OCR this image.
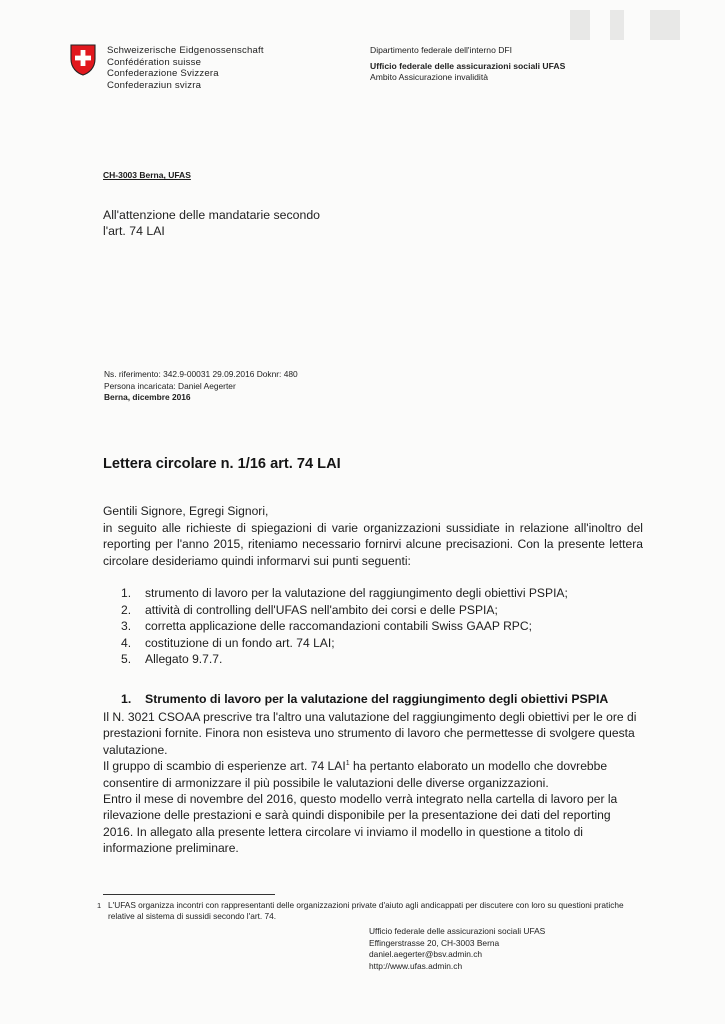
Schweizerische Eidgenossenschaft
Confédération suisse
Confederazione Svizzera
Confederaziun svizra
Dipartimento federale dell'interno DFI
Ufficio federale delle assicurazioni sociali UFAS
Ambito Assicurazione invalidità
CH-3003 Berna, UFAS
All'attenzione delle mandatarie secondo
l'art. 74 LAI
Ns. riferimento: 342.9-00031 29.09.2016 Doknr: 480
Persona incaricata: Daniel Aegerter
Berna, dicembre 2016
Lettera circolare n. 1/16 art. 74 LAI
Gentili Signore, Egregi Signori,
in seguito alle richieste di spiegazioni di varie organizzazioni sussidiate in relazione all'inoltro del reporting per l'anno 2015, riteniamo necessario fornirvi alcune precisazioni. Con la presente lettera circolare desideriamo quindi informarvi sui punti seguenti:
1.	strumento di lavoro per la valutazione del raggiungimento degli obiettivi PSPIA;
2.	attività di controlling dell'UFAS nell'ambito dei corsi e delle PSPIA;
3.	corretta applicazione delle raccomandazioni contabili Swiss GAAP RPC;
4.	costituzione di un fondo art. 74 LAI;
5.	Allegato 9.7.7.
1. Strumento di lavoro per la valutazione del raggiungimento degli obiettivi PSPIA

Il N. 3021 CSOAA prescrive tra l'altro una valutazione del raggiungimento degli obiettivi per le ore di prestazioni fornite. Finora non esisteva uno strumento di lavoro che permettesse di svolgere questa valutazione.

Il gruppo di scambio di esperienze art. 74 LAI$^1$ ha pertanto elaborato un modello che dovrebbe consentire di armonizzare il più possibile le valutazioni delle diverse organizzazioni.

Entro il mese di novembre del 2016, questo modello verrà integrato nella cartella di lavoro per la rilevazione delle prestazioni e sarà quindi disponibile per la presentazione dei dati del reporting 2016. In allegato alla presente lettera circolare vi inviamo il modello in questione a titolo di informazione preliminare.

1 L'UFAS organizza incontri con rappresentanti delle organizzazioni private d'aiuto agli andicappati per discutere con loro su questioni pratiche relative al sistema di sussidi secondo l'art. 74.
Ufficio federale delle assicurazioni sociali UFAS
Effingerstrasse 20, CH-3003 Berna
daniel.aegerter@bsv.admin.ch
http://www.ufas.admin.ch
